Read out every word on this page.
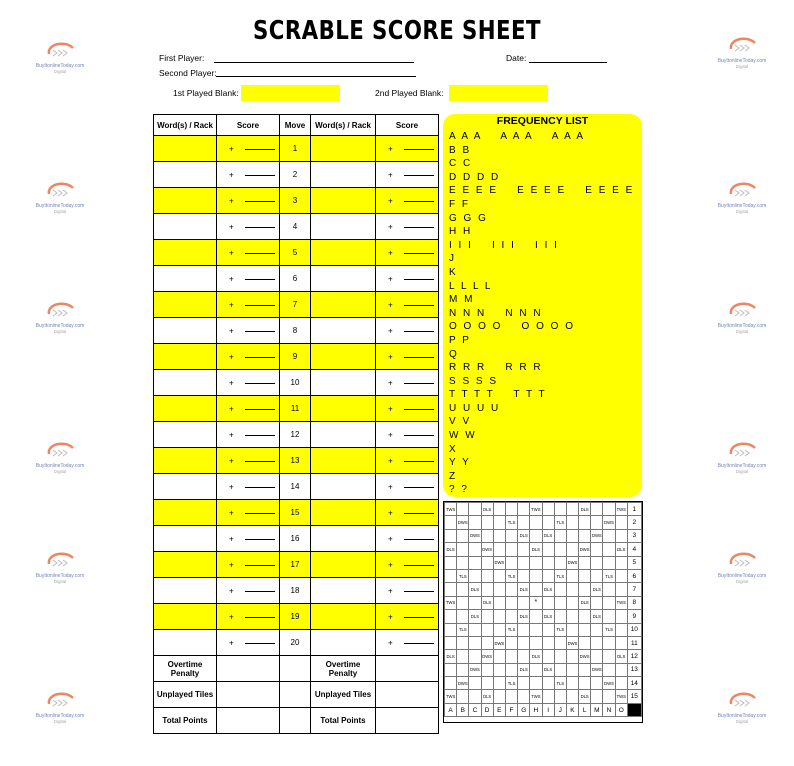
SCRABLE SCORE SHEET
First Player:	Date:
Second Player:
1st Played Blank:	2nd Played Blank:
Word(s) / Rack	Score	Move	Word(s) / Rack	Score

	+	1		+

	+	2		+

	+	3		+

	+	4		+

	+	5		+

	+	6		+

	+	7		+

	+	8		+

	+	9		+

	+	10		+

	+	11		+

	+	12		+

	+	13		+

	+	14		+

	+	15		+

	+	16		+

	+	17		+

	+	18		+

	+	19		+

	+	20		+

Overtime Penalty			Overtime Penalty	
Unplayed Tiles			Unplayed Tiles	
Total Points			Total Points	
FREQUENCY LIST
A A A    A A A    A A A
B B
C C
D D D D
E E E E    E E E E    E E E E
F F
G G G
H H
I I I    I I I    I I I
J
K
L L L L
M M
N N N    N N N
O O O O    O O O O
P P
Q
R R R    R R R
S S S S
T T T T    T T T
U U U U
V V
W W
X
Y Y
Z
? ?
TWS			DLS				TWS				DLS			TWS	1
	DWS				TLS				TLS				DWS		2
		DWS				DLS		DLS				DWS			3
DLS			DWS				DLS				DWS			DLS	4
				DWS						DWS					5
	TLS				TLS				TLS				TLS		6
		DLS				DLS		DLS				DLS			7
TWS			DLS				*				DLS			TWS	8
		DLS				DLS		DLS				DLS			9
	TLS				TLS				TLS				TLS		10
				DWS						DWS					11
DLS			DWS				DLS				DWS			DLS	12
		DWS				DLS		DLS				DWS			13
	DWS				TLS				TLS				DWS		14
TWS			DLS				TWS				DLS			TWS	15
A	B	C	D	E	F	G	H	I	J	K	L	M	N	O	
BuyItonlineToday.com
Digital
BuyItonlineToday.com
Digital
BuyItonlineToday.com
Digital
BuyItonlineToday.com
Digital
BuyItonlineToday.com
Digital
BuyItonlineToday.com
Digital
BuyItonlineToday.com
Digital
BuyItonlineToday.com
Digital
BuyItonlineToday.com
Digital
BuyItonlineToday.com
Digital
BuyItonlineToday.com
Digital
BuyItonlineToday.com
Digital
